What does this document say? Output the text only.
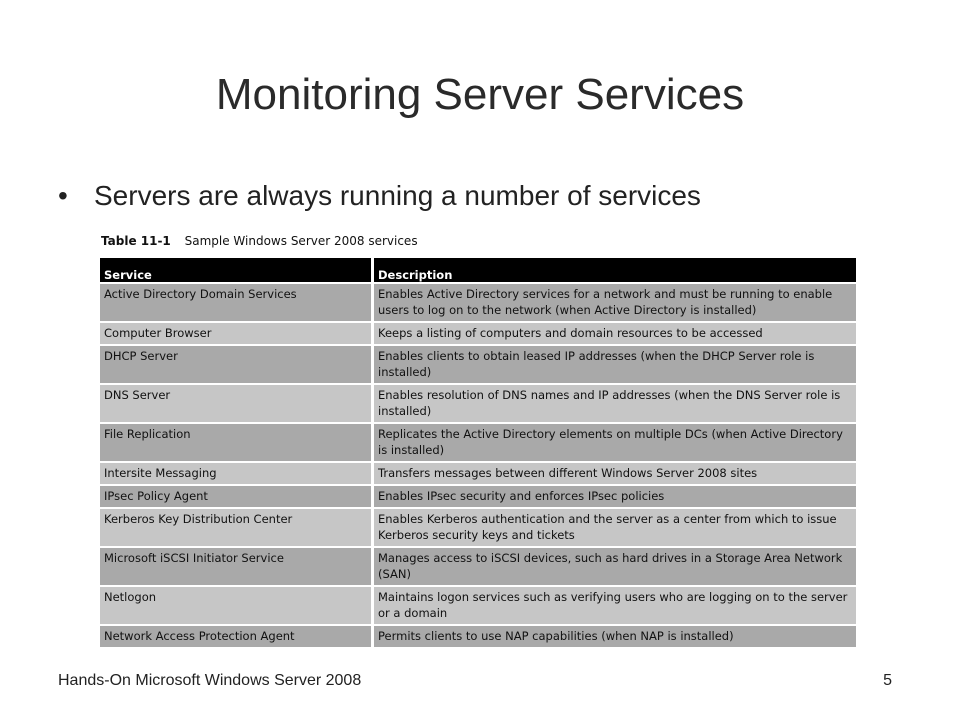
Monitoring Server Services
• Servers are always running a number of services
Table 11-1 Sample Windows Server 2008 services
Service	Description
Active Directory Domain Services	Enables Active Directory services for a network and must be running to enable users to log on to the network (when Active Directory is installed)
Computer Browser	Keeps a listing of computers and domain resources to be accessed
DHCP Server	Enables clients to obtain leased IP addresses (when the DHCP Server role is installed)
DNS Server	Enables resolution of DNS names and IP addresses (when the DNS Server role is installed)
File Replication	Replicates the Active Directory elements on multiple DCs (when Active Directory is installed)
Intersite Messaging	Transfers messages between different Windows Server 2008 sites
IPsec Policy Agent	Enables IPsec security and enforces IPsec policies
Kerberos Key Distribution Center	Enables Kerberos authentication and the server as a center from which to issue Kerberos security keys and tickets
Microsoft iSCSI Initiator Service	Manages access to iSCSI devices, such as hard drives in a Storage Area Network (SAN)
Netlogon	Maintains logon services such as verifying users who are logging on to the server or a domain
Network Access Protection Agent	Permits clients to use NAP capabilities (when NAP is installed)
Hands-On Microsoft Windows Server 2008	5
